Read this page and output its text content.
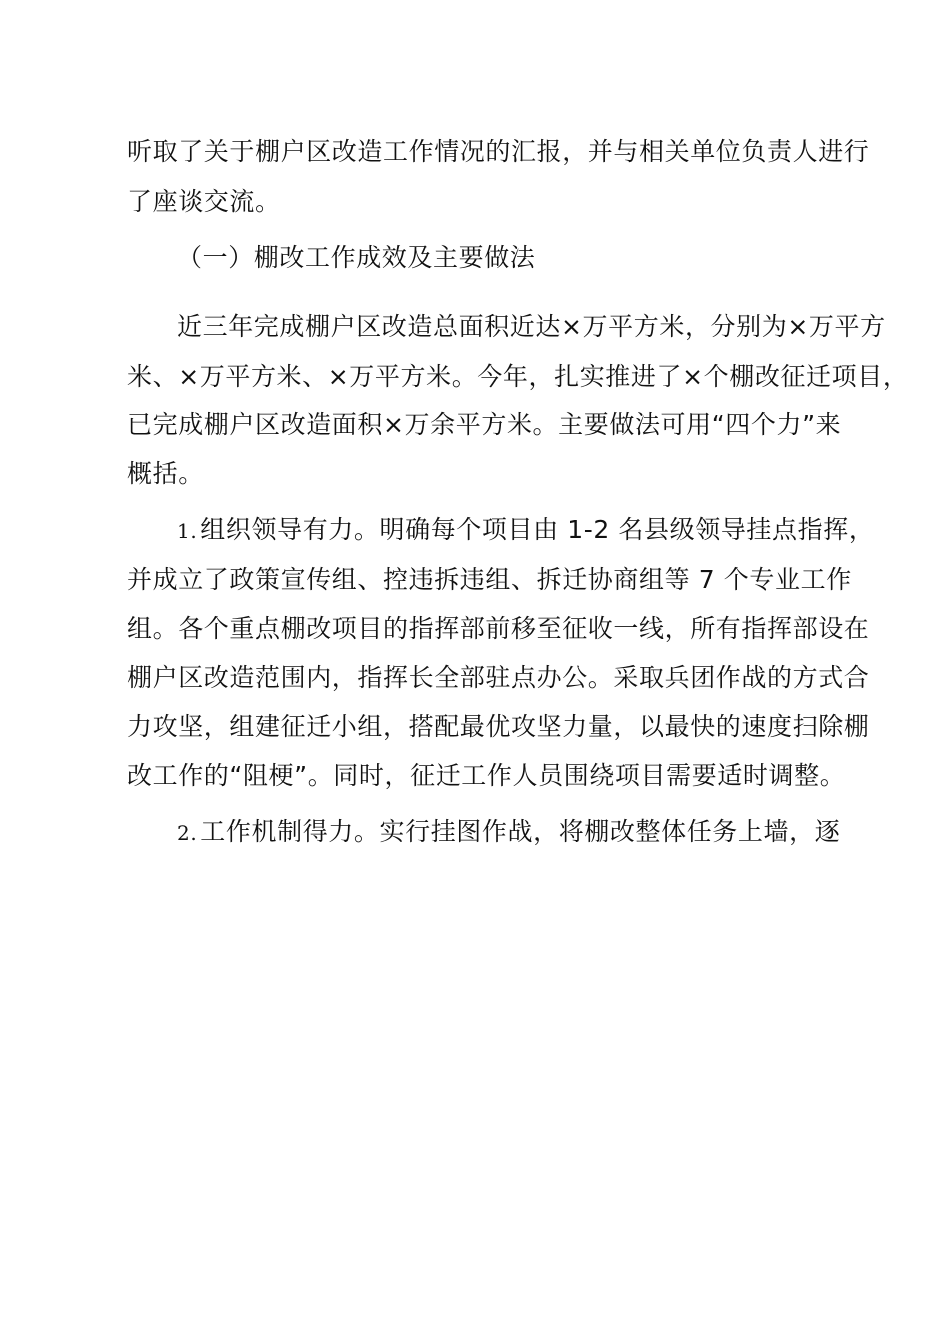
听取了关于棚户区改造工作情况的汇报，并与相关单位负责人进行
了座谈交流。
（一）棚改工作成效及主要做法
近三年完成棚户区改造总面积近达×万平方米，分别为×万平方
米、×万平方米、×万平方米。今年，扎实推进了×个棚改征迁项目，
已完成棚户区改造面积×万余平方米。主要做法可用“四个力”来
概括。
1. 组织领导有力。明确每个项目由 1-2 名县级领导挂点指挥，
并成立了政策宣传组、控违拆违组、拆迁协商组等 7 个专业工作
组。各个重点棚改项目的指挥部前移至征收一线，所有指挥部设在
棚户区改造范围内，指挥长全部驻点办公。采取兵团作战的方式合
力攻坚，组建征迁小组，搭配最优攻坚力量，以最快的速度扫除棚
改工作的“阻梗”。同时，征迁工作人员围绕项目需要适时调整。
2. 工作机制得力。实行挂图作战，将棚改整体任务上墙，逐
